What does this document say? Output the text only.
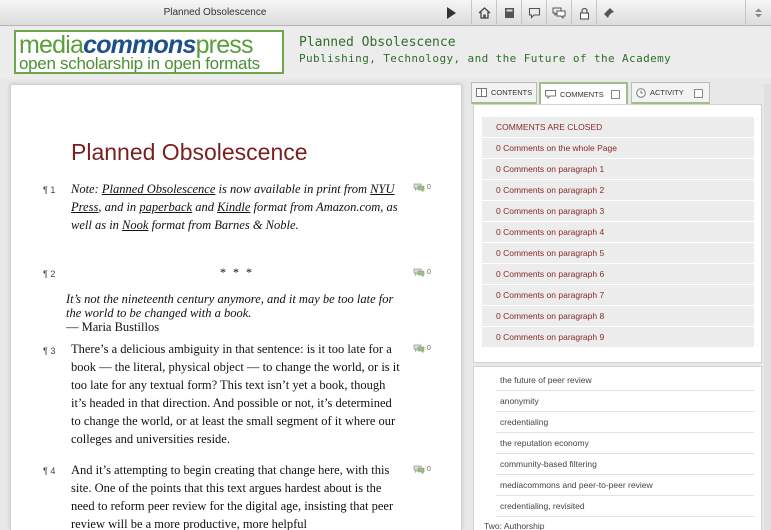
Planned Obsolescence
mediacommonspress
open scholarship in open formats
Planned Obsolescence
Publishing, Technology, and the Future of the Academy
Planned Obsolescence
¶ 1	0
Note: Planned Obsolescence is now available in print from NYU Press, and in paperback and Kindle format from Amazon.com, as well as in Nook format from Barnes & Noble.
¶ 2	0
* * *
It’s not the nineteenth century anymore, and it may be too late for the world to be changed with a book.
— Maria Bustillos
¶ 3	0
There’s a delicious ambiguity in that sentence: is it too late for a book — the literal, physical object — to change the world, or is it too late for any textual form? This text isn’t yet a book, though it’s headed in that direction. And possible or not, it’s determined to change the world, or at least the small segment of it where our colleges and universities reside.
¶ 4	0
And it’s attempting to begin creating that change here, with this site. One of the points that this text argues hardest about is the need to reform peer review for the digital age, insisting that peer review will be a more productive, more helpful
CONTENTS	COMMENTS	ACTIVITY
COMMENTS ARE CLOSED
0 Comments on the whole Page
0 Comments on paragraph 1
0 Comments on paragraph 2
0 Comments on paragraph 3
0 Comments on paragraph 4
0 Comments on paragraph 5
0 Comments on paragraph 6
0 Comments on paragraph 7
0 Comments on paragraph 8
0 Comments on paragraph 9
the future of peer review
anonymity
credentialing
the reputation economy
community-based filtering
mediacommons and peer-to-peer review
credentialing, revisited
Two: Authorship
